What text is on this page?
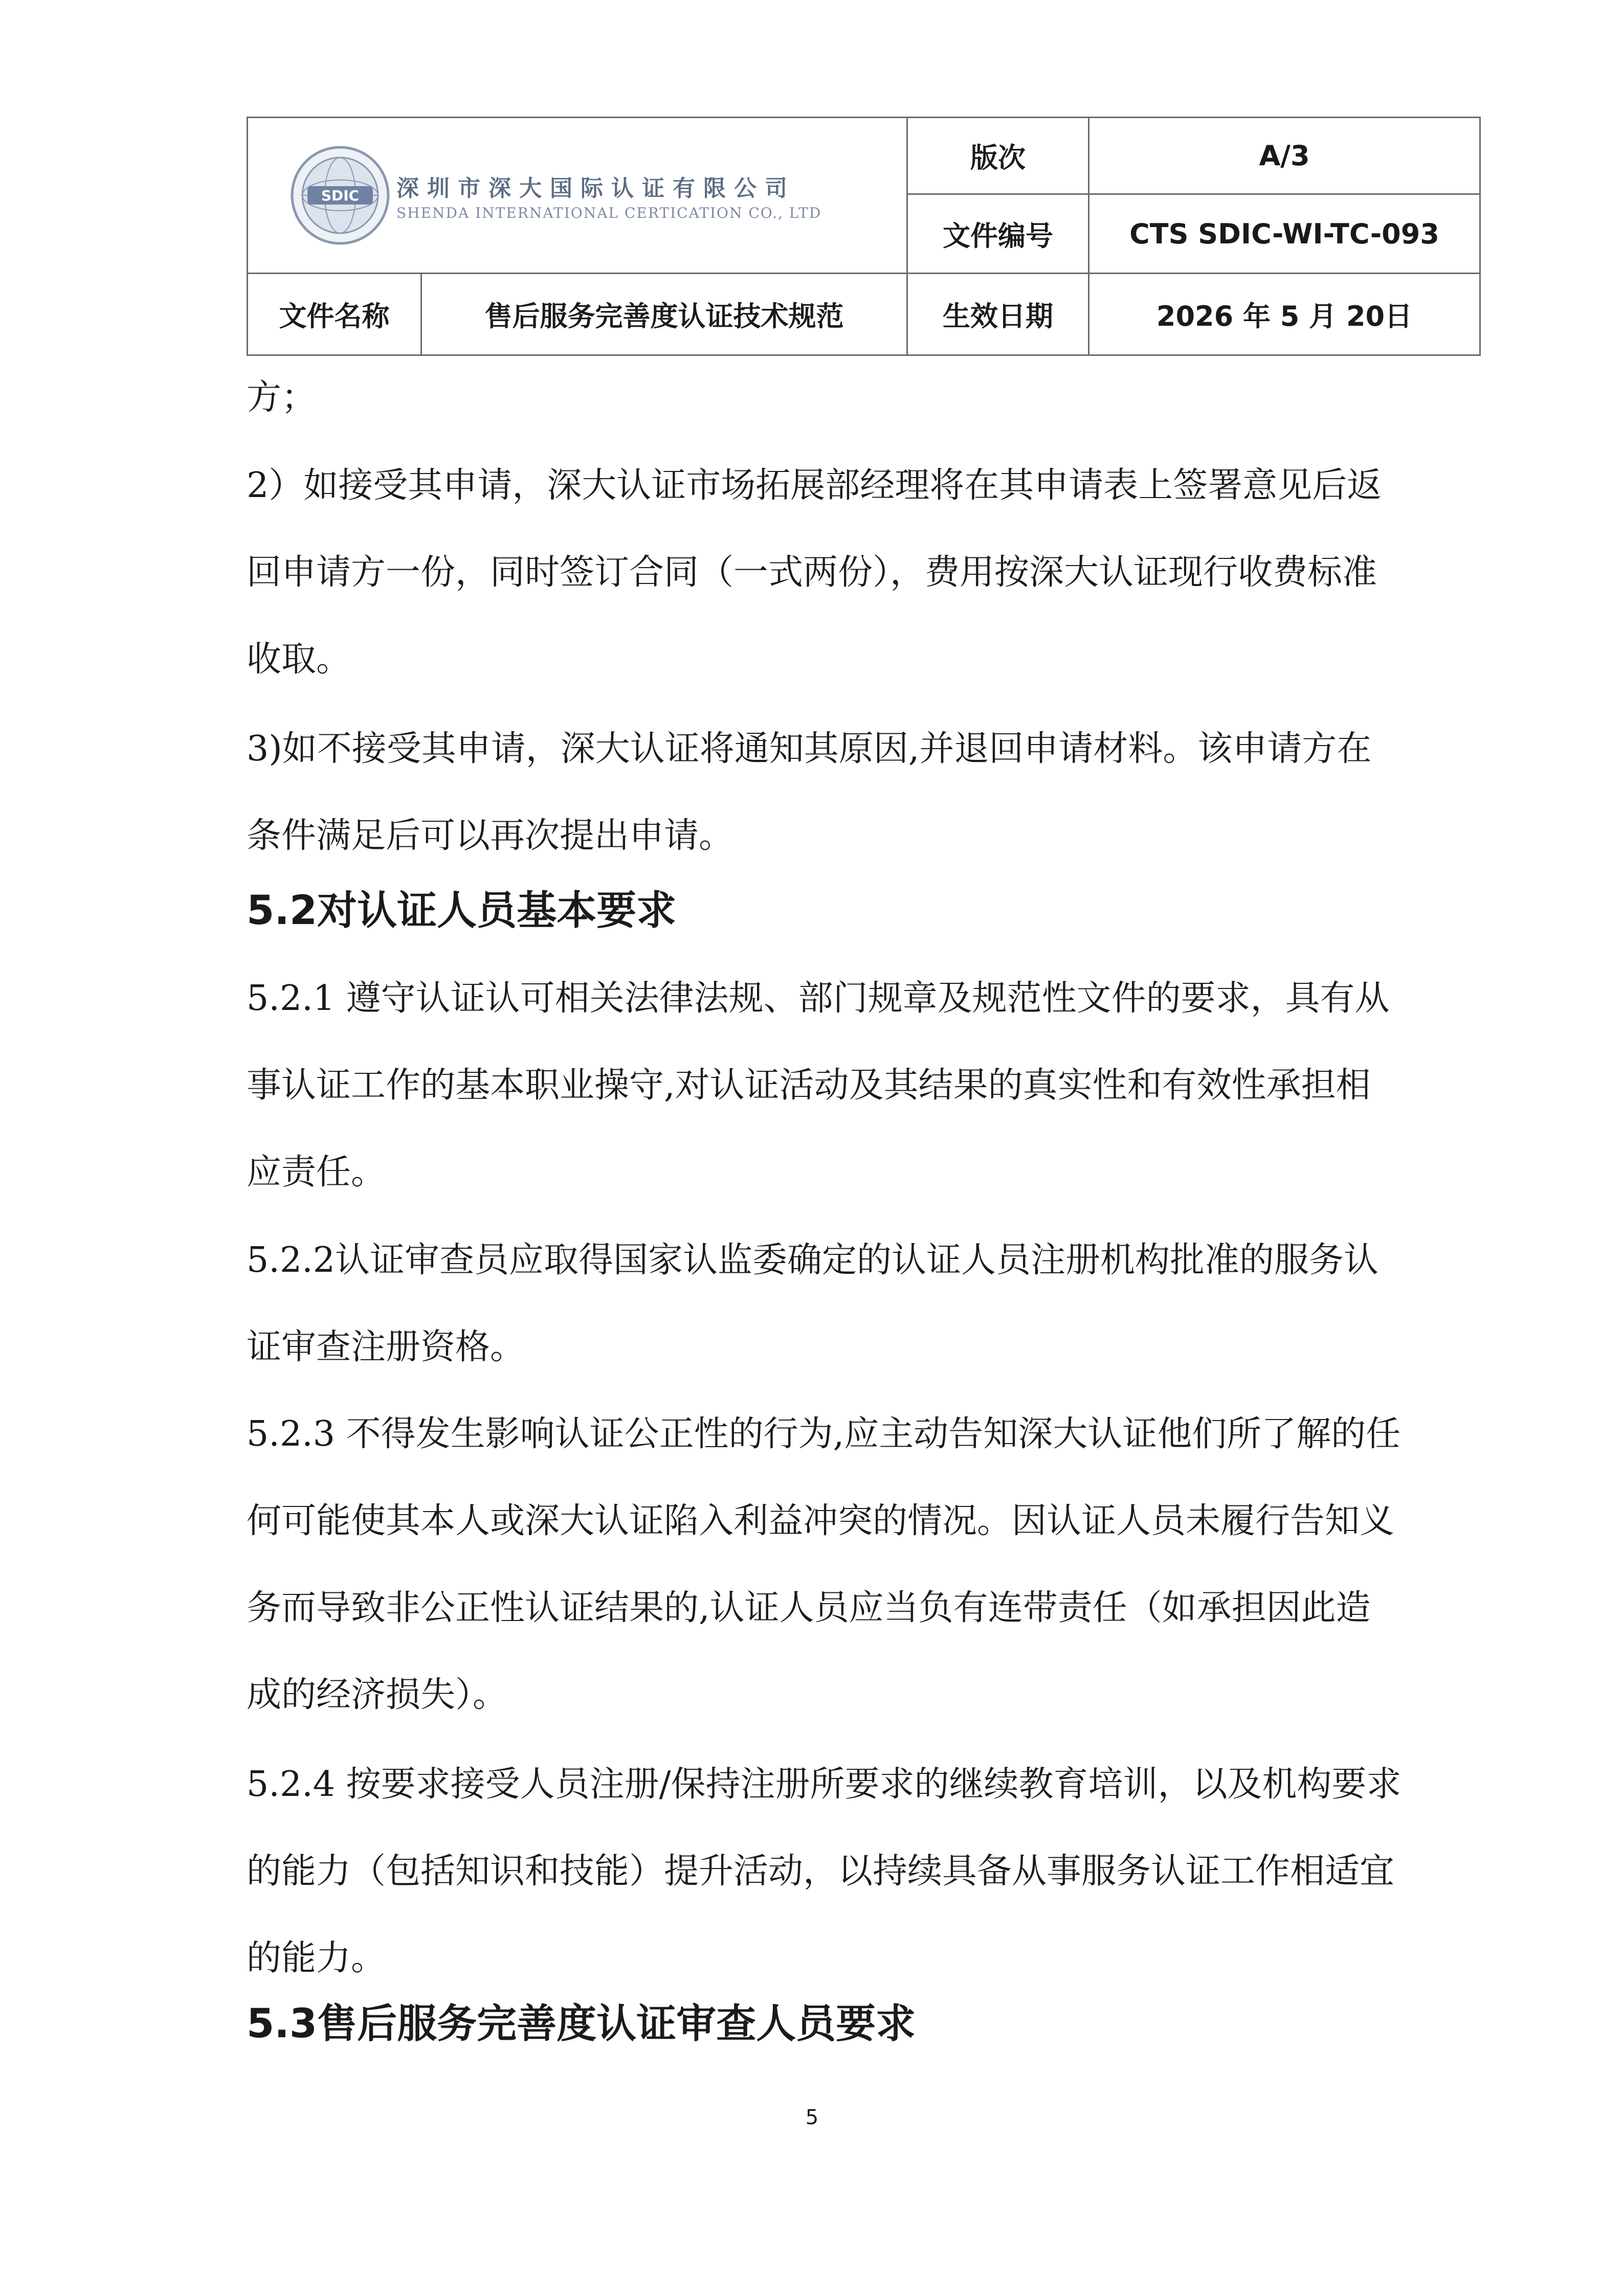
SDIC 深圳市深大国际认证有限公司
SHENDA INTERNATIONAL CERTICATION CO., LTD		版次	A/3
		文件编号	CTS SDIC-WI-TC-093
文件名称	售后服务完善度认证技术规范	生效日期	2026 年 5 月 20日

方；

2）如接受其申请，深大认证市场拓展部经理将在其申请表上签署意见后返回申请方一份，同时签订合同（一式两份），费用按深大认证现行收费标准收取。

3)如不接受其申请，深大认证将通知其原因,并退回申请材料。该申请方在条件满足后可以再次提出申请。

5.2对认证人员基本要求

5.2.1 遵守认证认可相关法律法规、部门规章及规范性文件的要求，具有从事认证工作的基本职业操守,对认证活动及其结果的真实性和有效性承担相应责任。

5.2.2认证审查员应取得国家认监委确定的认证人员注册机构批准的服务认证审查注册资格。

5.2.3 不得发生影响认证公正性的行为,应主动告知深大认证他们所了解的任何可能使其本人或深大认证陷入利益冲突的情况。因认证人员未履行告知义务而导致非公正性认证结果的,认证人员应当负有连带责任（如承担因此造成的经济损失）。

5.2.4 按要求接受人员注册/保持注册所要求的继续教育培训，以及机构要求的能力（包括知识和技能）提升活动，以持续具备从事服务认证工作相适宜的能力。

5.3售后服务完善度认证审查人员要求
5
